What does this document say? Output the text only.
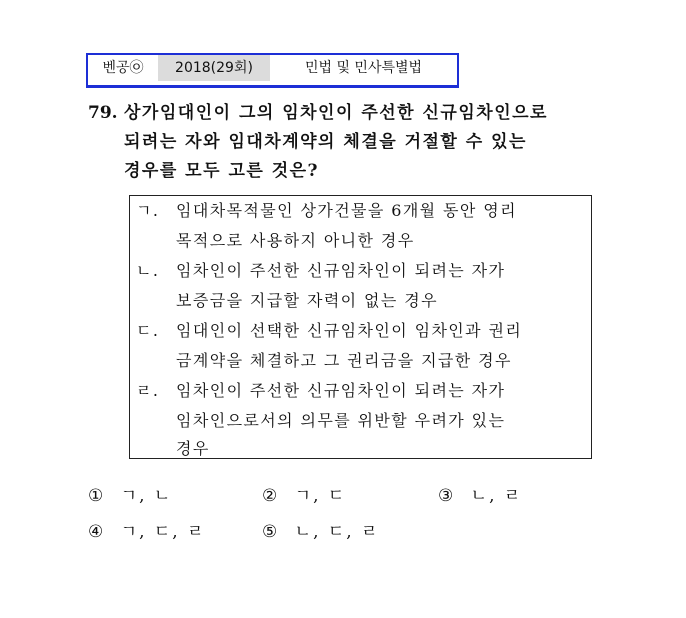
벤공㉧	2018(29회)	민법 및 민사특별법
79. 상가임대인이 그의 임차인이 주선한 신규임차인으로
되려는 자와 임대차계약의 체결을 거절할 수 있는
경우를 모두 고른 것은?
ㄱ. 임대차목적물인 상가건물을 6개월 동안 영리
목적으로 사용하지 아니한 경우
ㄴ. 임차인이 주선한 신규임차인이 되려는 자가
보증금을 지급할 자력이 없는 경우
ㄷ. 임대인이 선택한 신규임차인이 임차인과 권리
금계약을 체결하고 그 권리금을 지급한 경우
ㄹ. 임차인이 주선한 신규임차인이 되려는 자가
임차인으로서의 의무를 위반할 우려가 있는
경우
① ㄱ, ㄴ	② ㄱ, ㄷ	③ ㄴ, ㄹ
④ ㄱ, ㄷ, ㄹ	⑤ ㄴ, ㄷ, ㄹ
